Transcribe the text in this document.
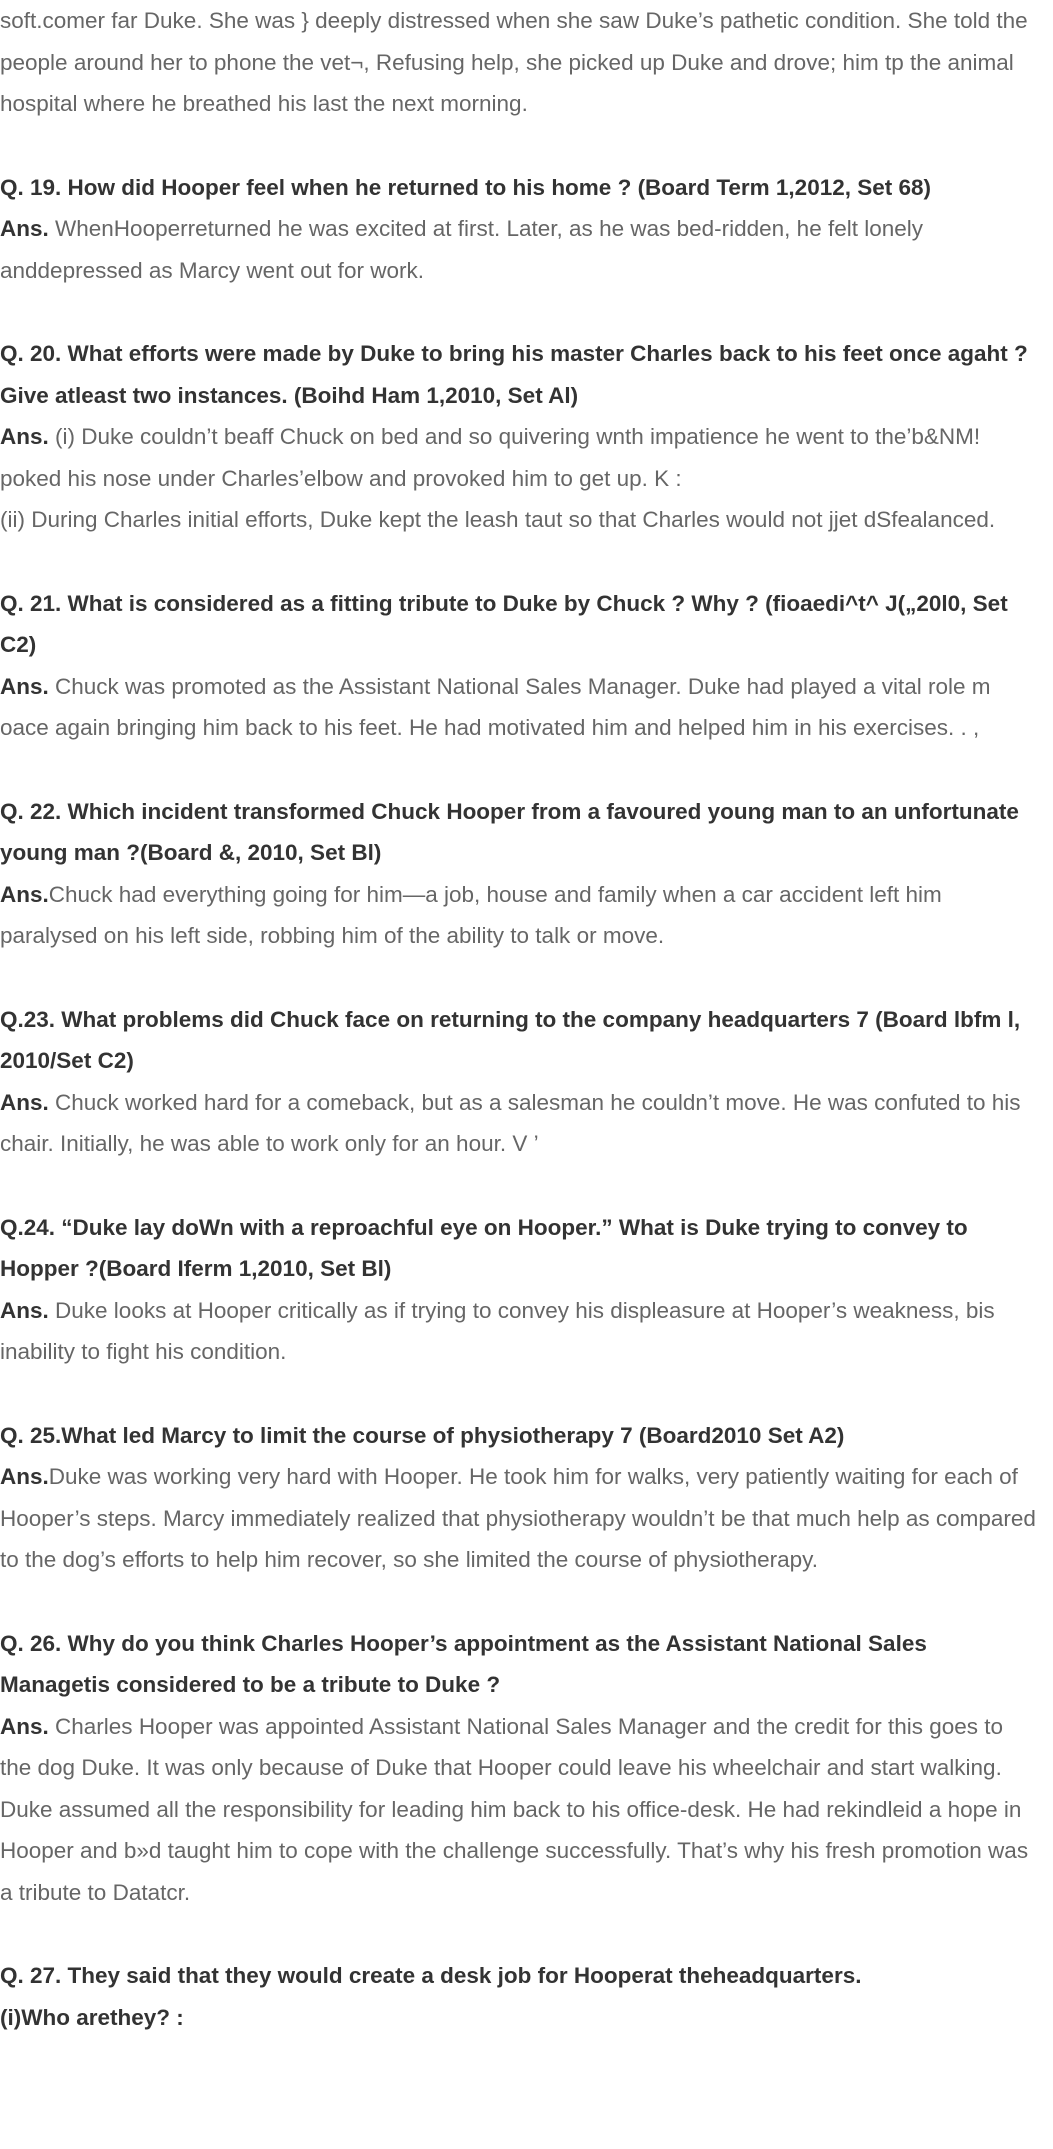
soft.comer far Duke. She was } deeply distressed when she saw Duke’s pathetic condition. She told the people around her to phone the vet¬, Refusing help, she picked up Duke and drove; him tp the animal hospital where he breathed his last the next morning.

Q. 19. How did Hooper feel when he returned to his home ? (Board Term 1,2012, Set 68)

Ans. WhenHooperreturned he was excited at first. Later, as he was bed-ridden, he felt lonely anddepressed as Marcy went out for work.

Q. 20. What efforts were made by Duke to bring his master Charles back to his feet once agaht ? Give atleast two instances. (Boihd Ham 1,2010, Set Al)

Ans. (i) Duke couldn’t beaff Chuck on bed and so quivering wnth impatience he went to the’b&NM! poked his nose under Charles’elbow and provoked him to get up. K :

(ii) During Charles initial efforts, Duke kept the leash taut so that Charles would not jjet dSfealanced.

Q. 21. What is considered as a fitting tribute to Duke by Chuck ? Why ? (fioaedi^t^ J(„20l0, Set C2)

Ans. Chuck was promoted as the Assistant National Sales Manager. Duke had played a vital role m oace again bringing him back to his feet. He had motivated him and helped him in his exercises. . ,

Q. 22. Which incident transformed Chuck Hooper from a favoured young man to an unfortunate young man ?(Board &, 2010, Set Bl)

Ans.Chuck had everything going for him—a job, house and family when a car accident left him paralysed on his left side, robbing him of the ability to talk or move.

Q.23. What problems did Chuck face on returning to the company headquarters 7 (Board lbfm l, 2010/Set C2)

Ans. Chuck worked hard for a comeback, but as a salesman he couldn’t move. He was confuted to his chair. Initially, he was able to work only for an hour. V ’

Q.24. “Duke lay doWn with a reproachful eye on Hooper.” What is Duke trying to convey to Hopper ?(Board Iferm 1,2010, Set Bl)

Ans. Duke looks at Hooper critically as if trying to convey his displeasure at Hooper’s weakness, bis inability to fight his condition.

Q. 25.What led Marcy to limit the course of physiotherapy 7 (Board2010 Set A2)

Ans.Duke was working very hard with Hooper. He took him for walks, very patiently waiting for each of Hooper’s steps. Marcy immediately realized that physiotherapy wouldn’t be that much help as compared to the dog’s efforts to help him recover, so she limited the course of physiotherapy.

Q. 26. Why do you think Charles Hooper’s appointment as the Assistant National Sales Managetis considered to be a tribute to Duke ?

Ans. Charles Hooper was appointed Assistant National Sales Manager and the credit for this goes to the dog Duke. It was only because of Duke that Hooper could leave his wheelchair and start walking. Duke assumed all the responsibility for leading him back to his office-desk. He had rekindleid a hope in Hooper and b»d taught him to cope with the challenge successfully. That’s why his fresh promotion was a tribute to Datatcr.

Q. 27. They said that they would create a desk job for Hooperat theheadquarters.

(i)Who arethey? :
